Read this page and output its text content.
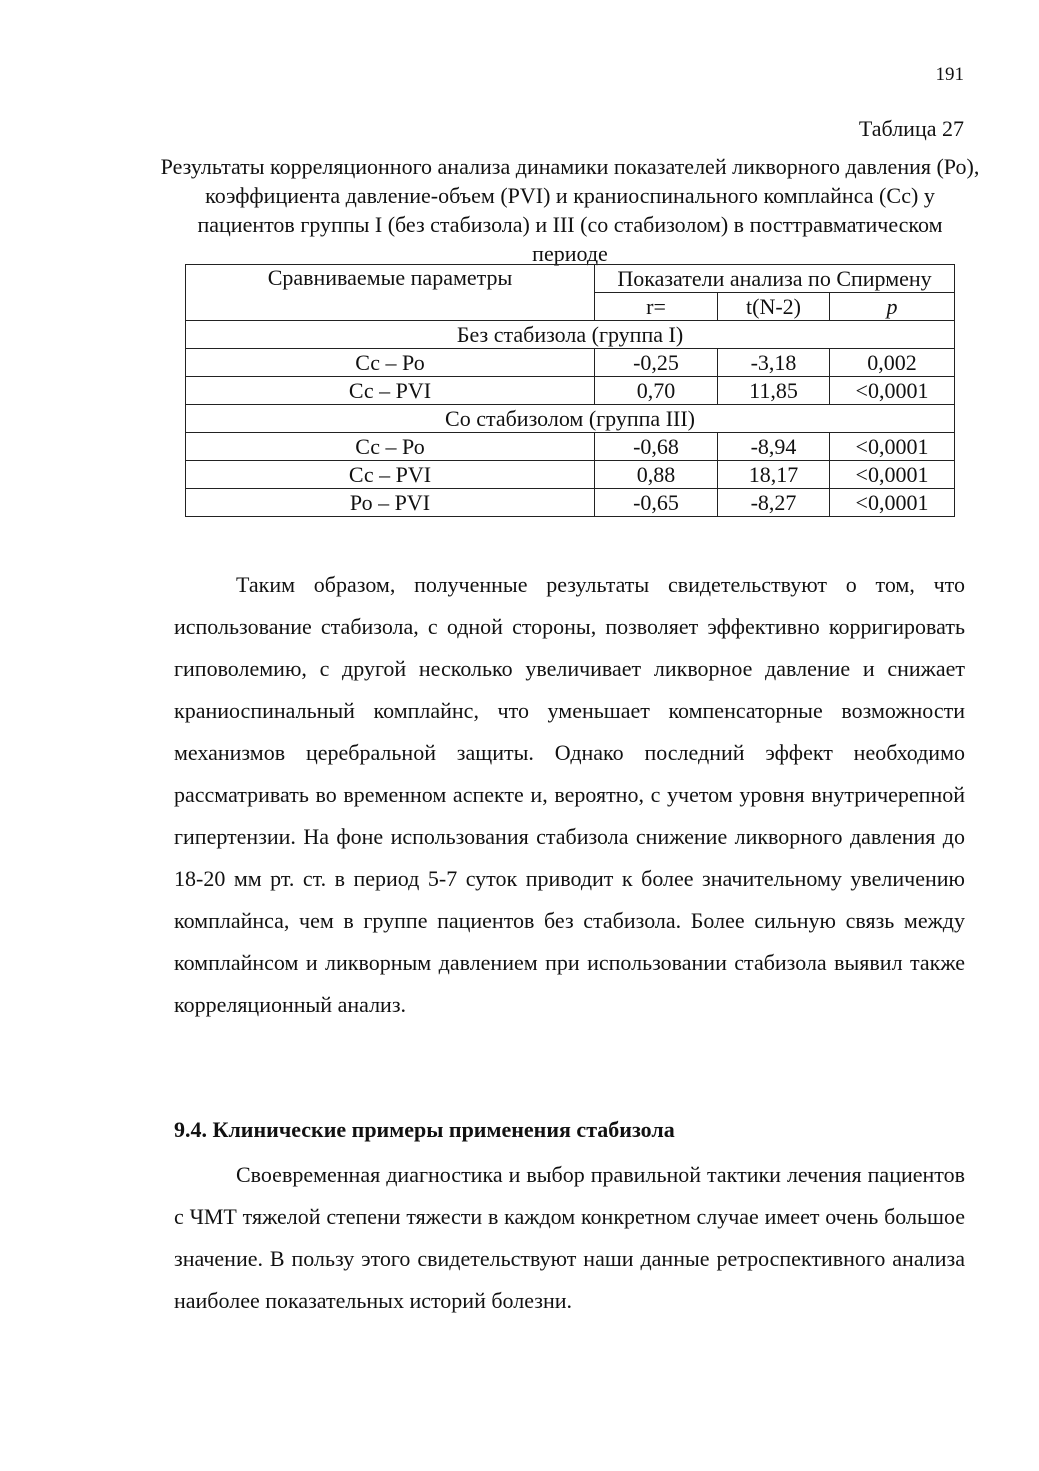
191
Таблица 27
Результаты корреляционного анализа динамики показателей ликворного давления (Ро), коэффициента давление-объем (PVI) и краниоспинального комплайнса (Сс) у пациентов группы I (без стабизола) и III (со стабизолом) в посттравматическом периоде
Сравниваемые параметры	Показатели анализа по Спирмену		
	r=	t(N-2)	p
Без стабизола (группа I)			
Сс – Ро	-0,25	-3,18	0,002
Сс – PVI	0,70	11,85	<0,0001
Со стабизолом (группа III)			
Сс – Ро	-0,68	-8,94	<0,0001
Сс – PVI	0,88	18,17	<0,0001
Ро – PVI	-0,65	-8,27	<0,0001

Таким образом, полученные результаты свидетельствуют о том, что использование стабизола, с одной стороны, позволяет эффективно корригировать гиповолемию, с другой несколько увеличивает ликворное давление и снижает краниоспинальный комплайнс, что уменьшает компенсаторные возможности механизмов церебральной защиты. Однако последний эффект необходимо рассматривать во временном аспекте и, вероятно, с учетом уровня внутричерепной гипертензии. На фоне использования стабизола снижение ликворного давления до 18-20 мм рт. ст. в период 5-7 суток приводит к более значительному увеличению комплайнса, чем в группе пациентов без стабизола. Более сильную связь между комплайнсом и ликворным давлением при использовании стабизола выявил также корреляционный анализ.

9.4. Клинические примеры применения стабизола

Своевременная диагностика и выбор правильной тактики лечения пациентов с ЧМТ тяжелой степени тяжести в каждом конкретном случае имеет очень большое значение. В пользу этого свидетельствуют наши данные ретроспективного анализа наиболее показательных историй болезни.
